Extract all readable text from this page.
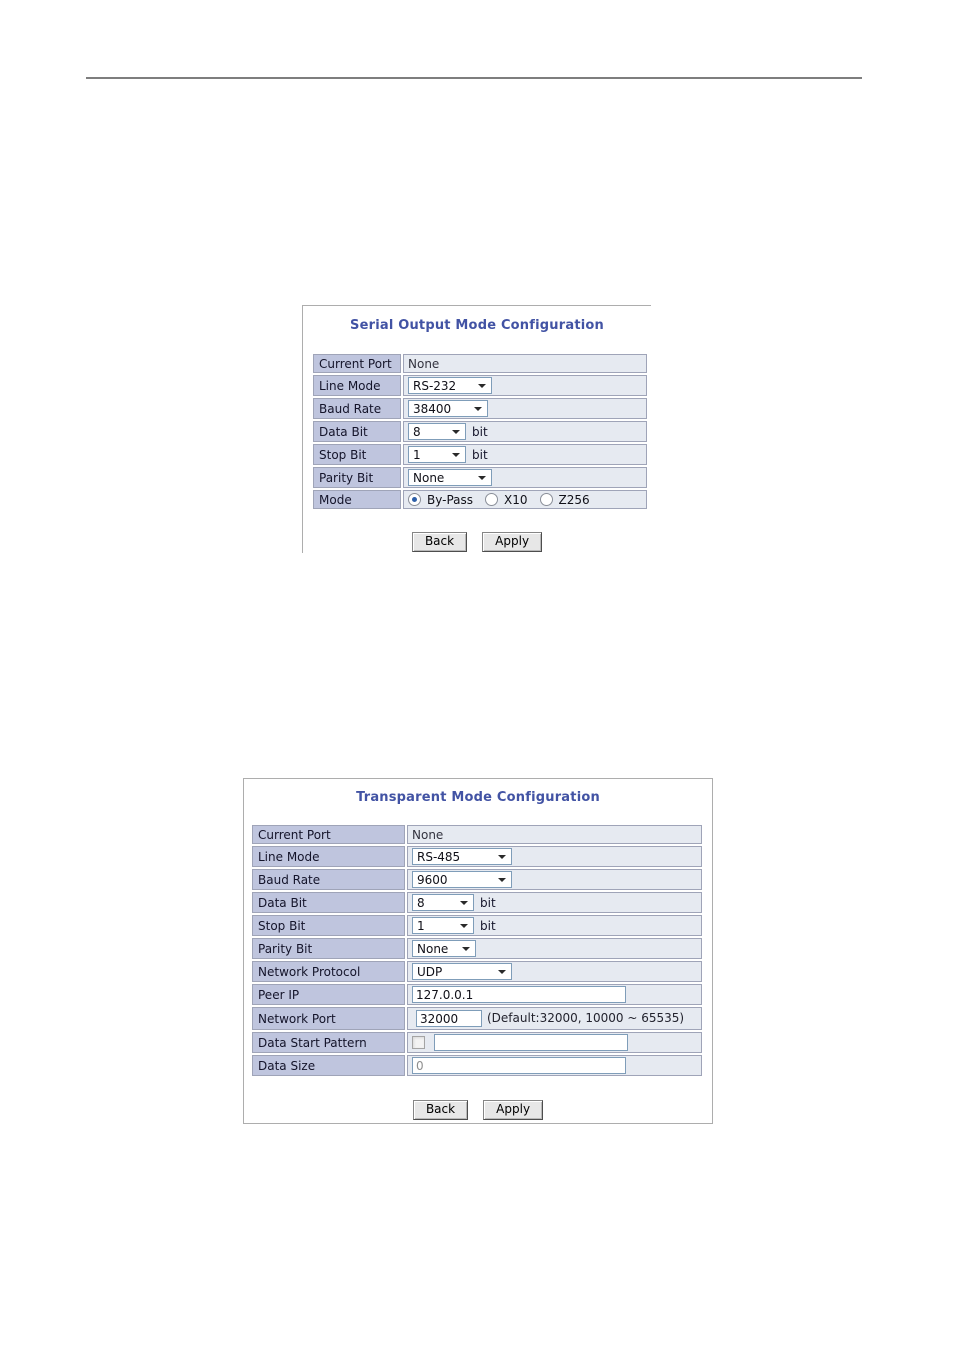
Serial Output Mode Configuration
Current Port	None
Line Mode	RS-232

Baud Rate	38400

Data Bit	8 bit
Stop Bit	1 bit
Parity Bit	None

Mode	By-Pass X10 Z256
Back	Apply
Transparent Mode Configuration
Current Port	None
Line Mode	RS-485

Baud Rate	9600

Data Bit	8 bit
Stop Bit	1 bit
Parity Bit	None

Network Protocol	UDP

Peer IP	127.0.0.1
Network Port	32000(Default:32000, 10000 ~ 65535)
Data Start Pattern	
Data Size	0
Back	Apply
